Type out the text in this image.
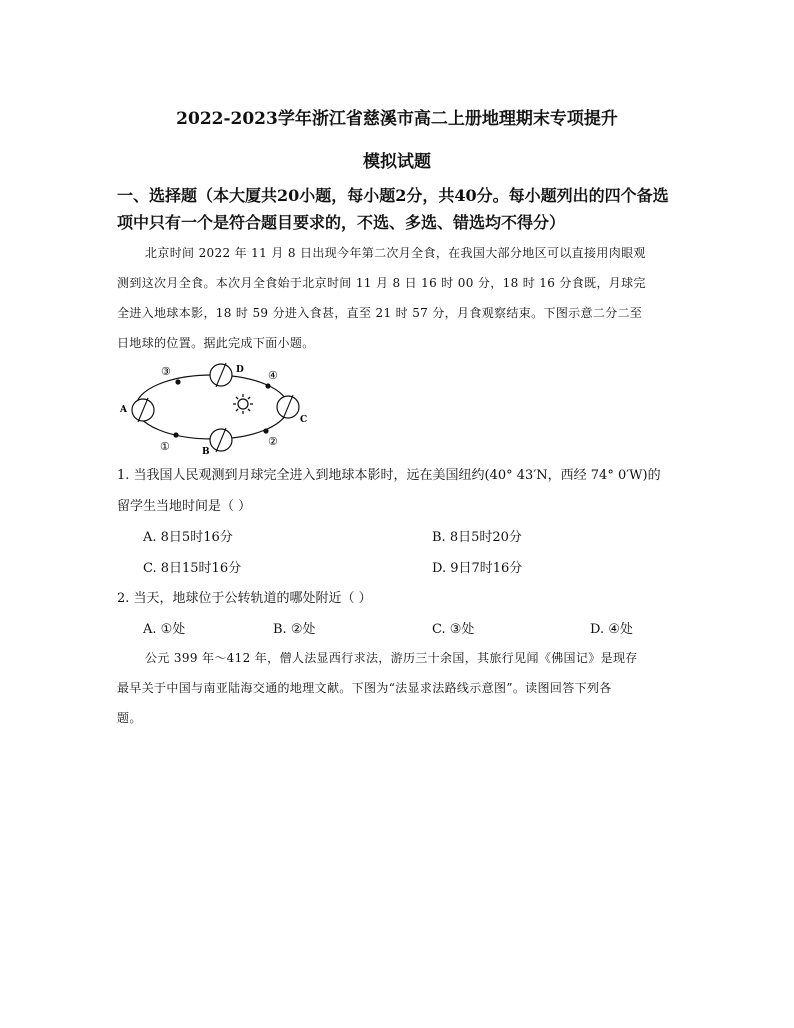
2022-2023学年浙江省慈溪市高二上册地理期末专项提升
模拟试题
一、选择题（本大厦共20小题，每小题2分，共40分。每小题列出的四个备选
项中只有一个是符合题目要求的，不选、多选、错选均不得分）
北京时间 2022 年 11 月 8 日出现今年第二次月全食，在我国大部分地区可以直接用肉眼观
测到这次月全食。本次月全食始于北京时间 11 月 8 日 16 时 00 分，18 时 16 分食既，月球完
全进入地球本影，18 时 59 分进入食甚，直至 21 时 57 分，月食观察结束。下图示意二分二至
日地球的位置。据此完成下面小题。
A
D
C
B
③	④
①	②
1. 当我国人民观测到月球完全进入到地球本影时，远在美国纽约(40° 43′N，西经 74° 0′W)的
留学生当地时间是（ ）
A. 8日5时16分	B. 8日5时20分
C. 8日15时16分	D. 9日7时16分
2. 当天，地球位于公转轨道的哪处附近（ ）
A. ①处	B. ②处	C. ③处	D. ④处
公元 399 年～412 年，僧人法显西行求法，游历三十余国，其旅行见闻《佛国记》是现存
最早关于中国与南亚陆海交通的地理文献。下图为“法显求法路线示意图”。读图回答下列各
题。
